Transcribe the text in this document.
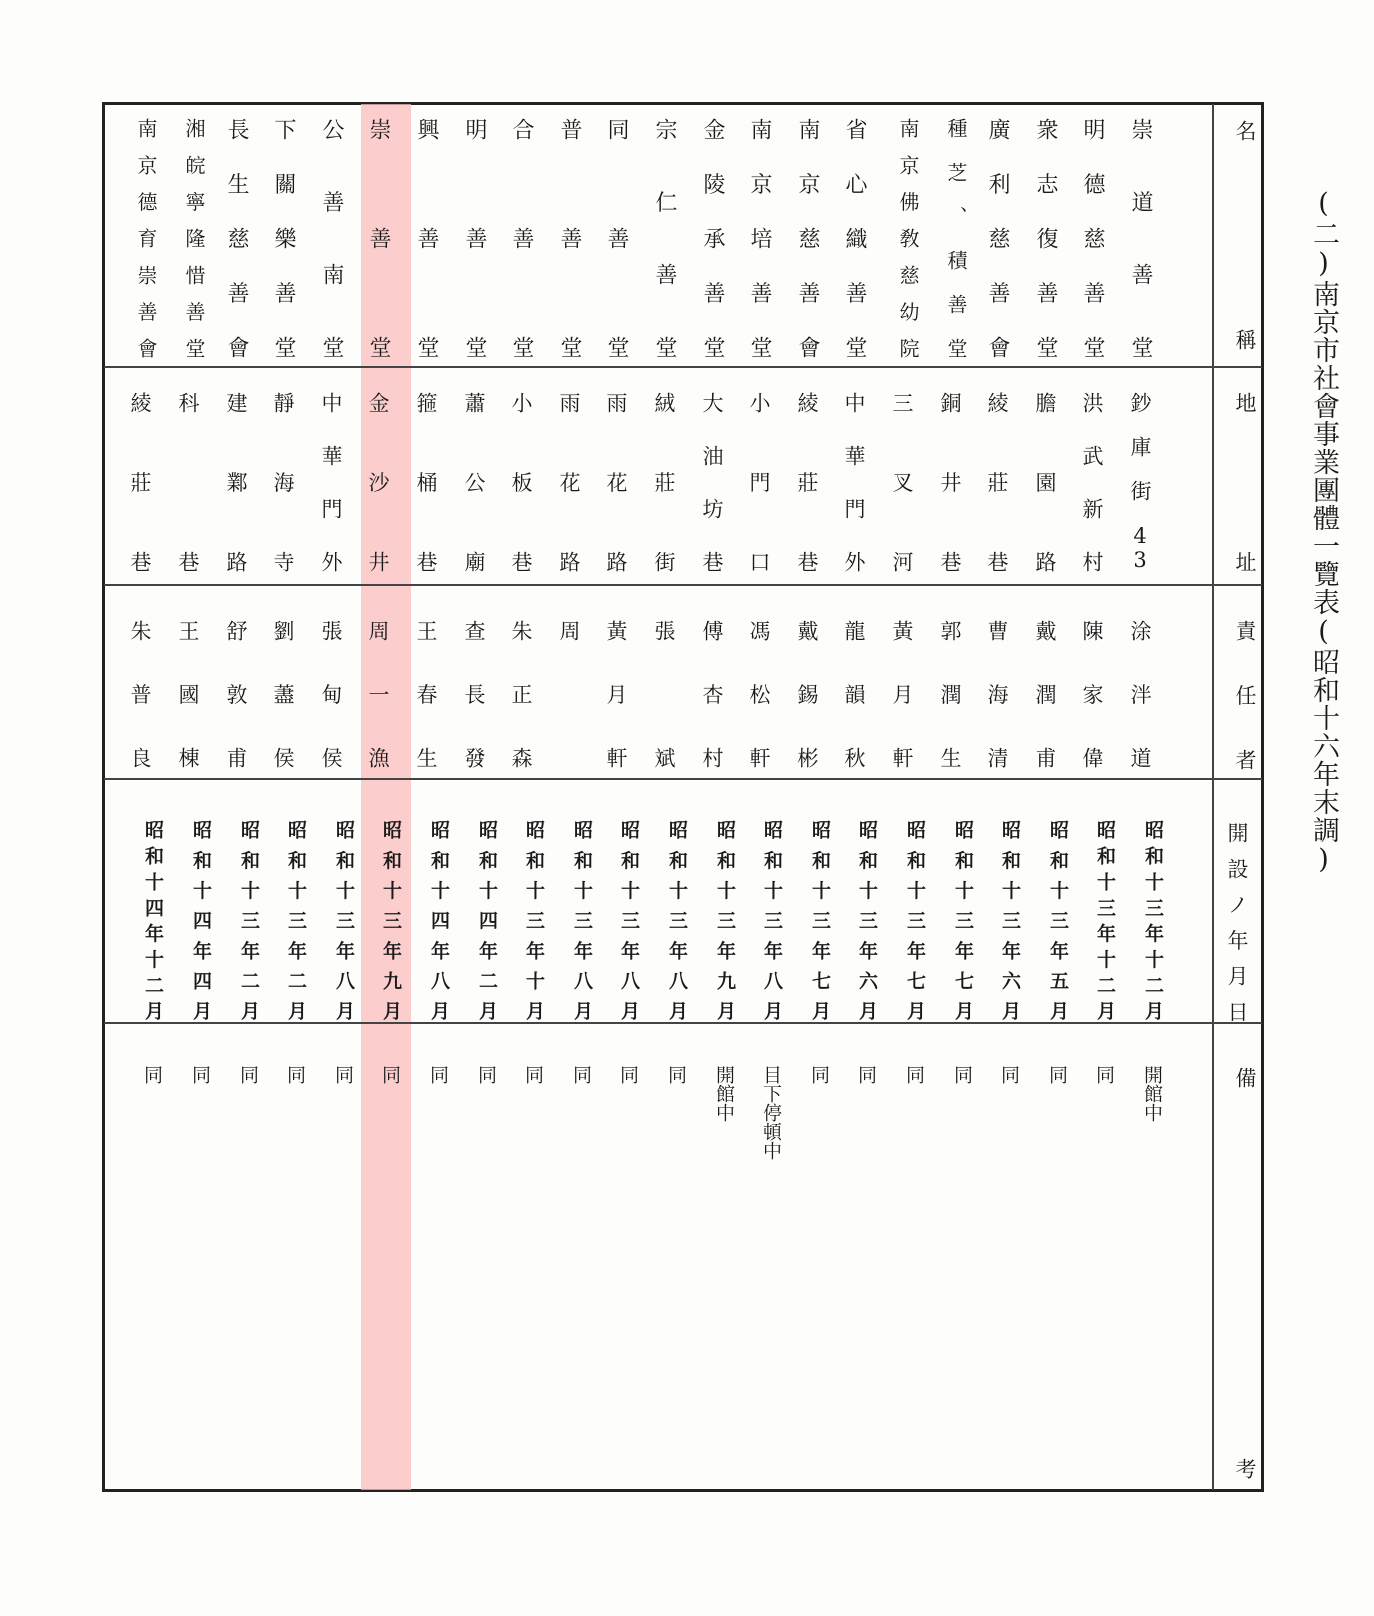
(二)南京市社會事業團體一覽表(昭和十六年末調)
名稱
地址
責任者
開設ノ年月日
備
考
崇道善堂
鈔庫街43
涂泮道
昭和十三年十二月
開館中
明德慈善堂
洪武新村
陳家偉
昭和十三年十二月
同
衆志復善堂
膽園路
戴潤甫
昭和十三年五月
同
廣利慈善會
綾莊巷
曹海清
昭和十三年六月
同
種芝、積善堂
銅井巷
郭潤生
昭和十三年七月
同
南京佛敎慈幼院
三叉河
黃月軒
昭和十三年七月
同
省心織善堂
中華門外
龍韻秋
昭和十三年六月
同
南京慈善會
綾莊巷
戴錫彬
昭和十三年七月
同
南京培善堂
小門口
馮松軒
昭和十三年八月
目下停頓中
金陵承善堂
大油坊巷
傅杏村
昭和十三年九月
開館中
宗仁善堂
絨莊街
張斌
昭和十三年八月
同
同善堂
雨花路
黃月軒
昭和十三年八月
同
普善堂
雨花路
周
昭和十三年八月
同
合善堂
小板巷
朱正森
昭和十三年十月
同
明善堂
蕭公廟
查長發
昭和十四年二月
同
興善堂
箍桶巷
王春生
昭和十四年八月
同
崇善堂
金沙井
周一漁
昭和十三年九月
同
公善南堂
中華門外
張甸侯
昭和十三年八月
同
下關樂善堂
靜海寺
劉藎侯
昭和十三年二月
同
長生慈善會
建鄴路
舒敦甫
昭和十三年二月
同
湘皖寧隆惜善堂
科巷
王國棟
昭和十四年四月
同
南京德育崇善會
綾莊巷
朱普良
昭和十四年十二月
同
